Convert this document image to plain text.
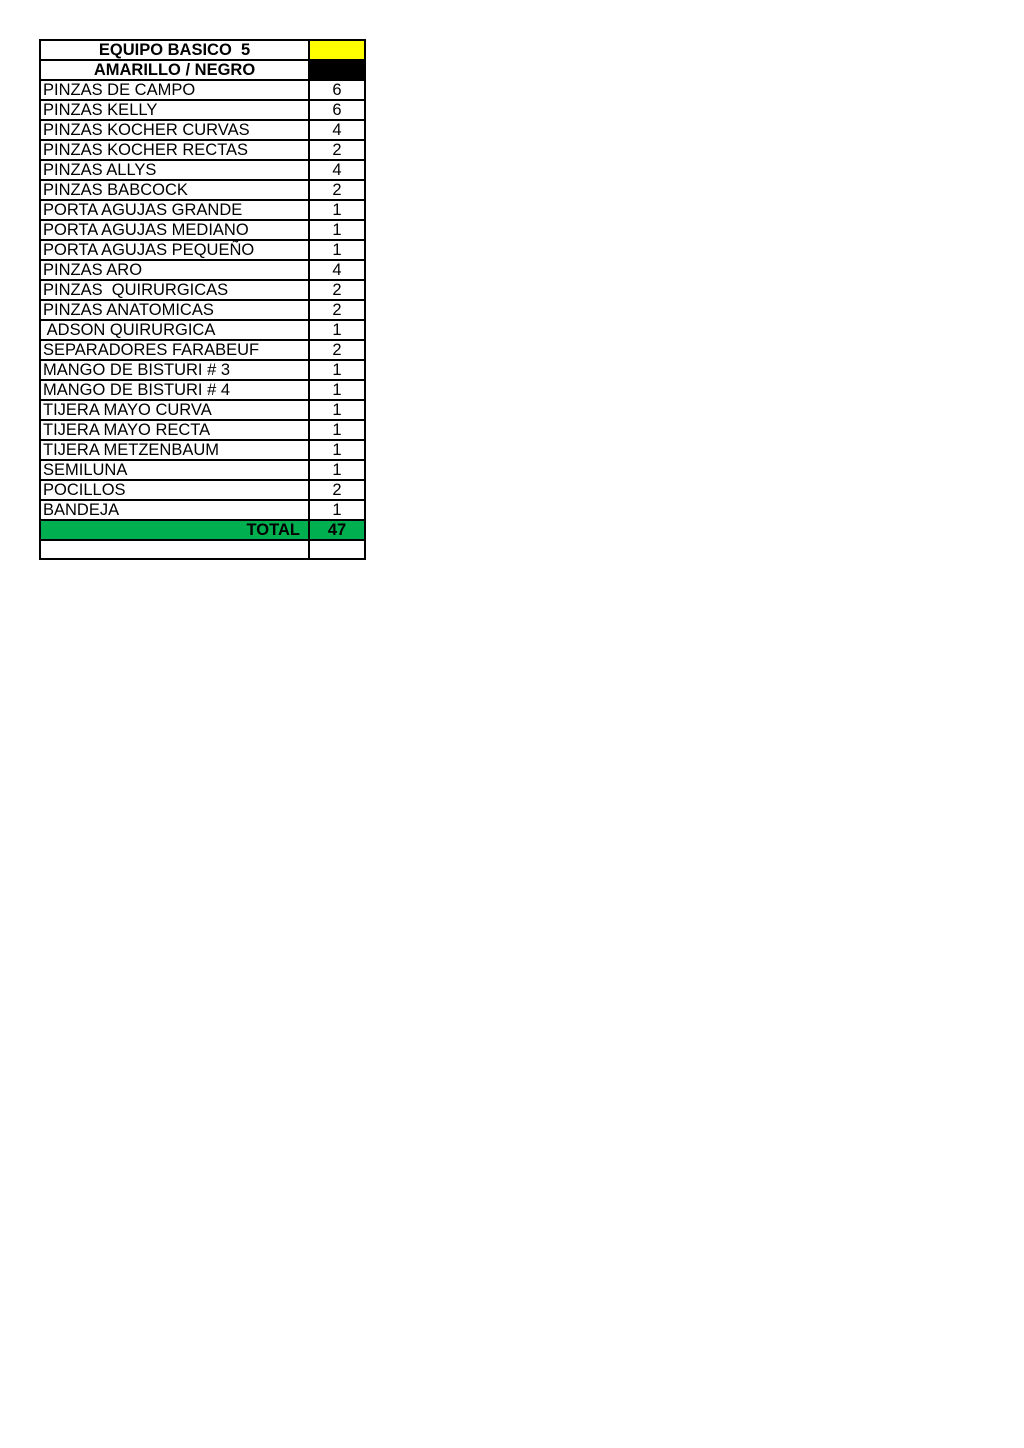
EQUIPO BASICO  5	
AMARILLO / NEGRO	
PINZAS DE CAMPO	6
PINZAS KELLY	6
PINZAS KOCHER CURVAS	4
PINZAS KOCHER RECTAS	2
PINZAS ALLYS	4
PINZAS BABCOCK	2
PORTA AGUJAS GRANDE	1
PORTA AGUJAS MEDIANO	1
PORTA AGUJAS PEQUEÑO	1
PINZAS ARO	4
PINZAS  QUIRURGICAS	2
PINZAS ANATOMICAS	2
ADSON QUIRURGICA	1
SEPARADORES FARABEUF	2
MANGO DE BISTURI # 3	1
MANGO DE BISTURI # 4	1
TIJERA MAYO CURVA	1
TIJERA MAYO RECTA	1
TIJERA METZENBAUM	1
SEMILUNA	1
POCILLOS	2
BANDEJA	1
TOTAL	47
